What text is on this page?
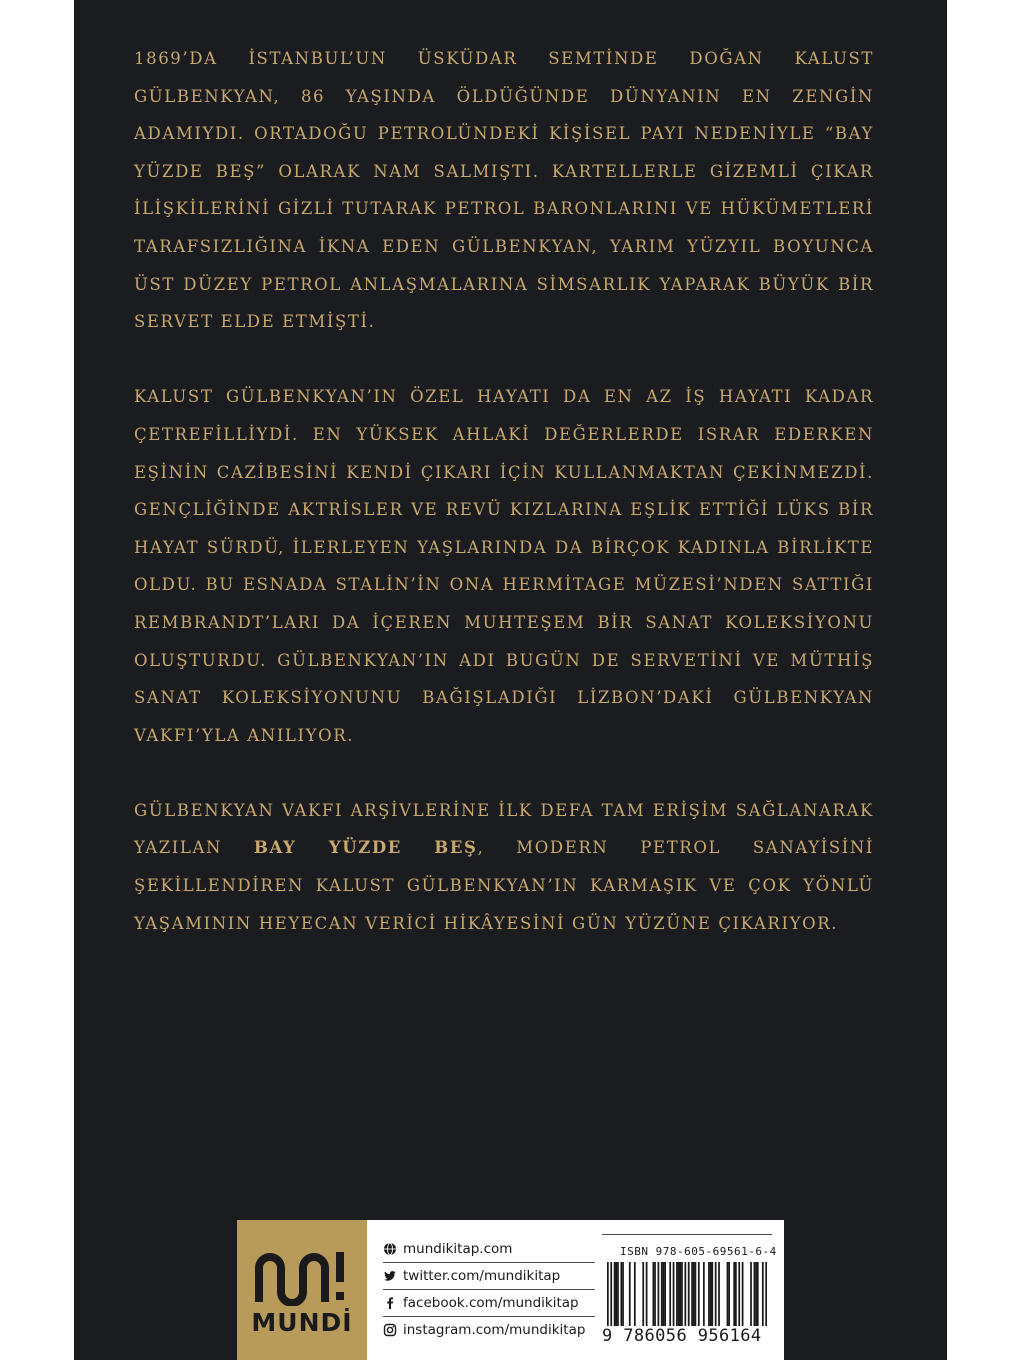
1869’DA İSTANBUL’UN ÜSKÜDAR SEMTİNDE DOĞAN KALUST GÜLBENKYAN, 86 YAŞINDA ÖLDÜĞÜNDE DÜNYANIN EN ZENGİN ADAMIYDI. ORTADOĞU PETROLÜNDEKİ KİŞİSEL PAYI NEDENİYLE “BAY YÜZDE BEŞ” OLARAK NAM SALMIŞTI. KARTELLERLE GİZEMLİ ÇIKAR İLİŞKİLERİNİ GİZLİ TUTARAK PETROL BARONLARINI VE HÜKÜMETLERİ TARAFSIZLIĞINA İKNA EDEN GÜLBENKYAN, YARIM YÜZYIL BOYUNCA ÜST DÜZEY PETROL ANLAŞMALARINA SİMSARLIK YAPARAK BÜYÜK BİR SERVET ELDE ETMİŞTİ.

KALUST GÜLBENKYAN’IN ÖZEL HAYATI DA EN AZ İŞ HAYATI KADAR ÇETREFİLLİYDİ. EN YÜKSEK AHLAKİ DEĞERLERDE ISRAR EDERKEN EŞİNİN CAZİBESİNİ KENDİ ÇIKARI İÇİN KULLANMAKTAN ÇEKİNMEZDİ. GENÇLİĞİNDE AKTRİSLER VE REVÜ KIZLARINA EŞLİK ETTİĞİ LÜKS BİR HAYAT SÜRDÜ, İLERLEYEN YAŞLARINDA DA BİRÇOK KADINLA BİRLİKTE OLDU. BU ESNADA STALİN’İN ONA HERMİTAGE MÜZESİ’NDEN SATTIĞI REMBRANDT’LARI DA İÇEREN MUHTEŞEM BİR SANAT KOLEKSİYONU OLUŞTURDU. GÜLBENKYAN’IN ADI BUGÜN DE SERVETİNİ VE MÜTHİŞ SANAT KOLEKSİYONUNU BAĞIŞLADIĞI LİZBON’DAKİ GÜLBENKYAN VAKFI’YLA ANILIYOR.

GÜLBENKYAN VAKFI ARŞİVLERİNE İLK DEFA TAM ERİŞİM SAĞLANARAK YAZILAN BAY YÜZDE BEŞ, MODERN PETROL SANAYİSİNİ ŞEKİLLENDİREN KALUST GÜLBENKYAN’IN KARMAŞIK VE ÇOK YÖNLÜ YAŞAMININ HEYECAN VERİCİ HİKÂYESİNİ GÜN YÜZÜNE ÇIKARIYOR.

MUNDİ
mundikitap.com
twitter.com/mundikitap
facebook.com/mundikitap
instagram.com/mundikitap
ISBN 978-605-69561-6-4
9 786056 956164
